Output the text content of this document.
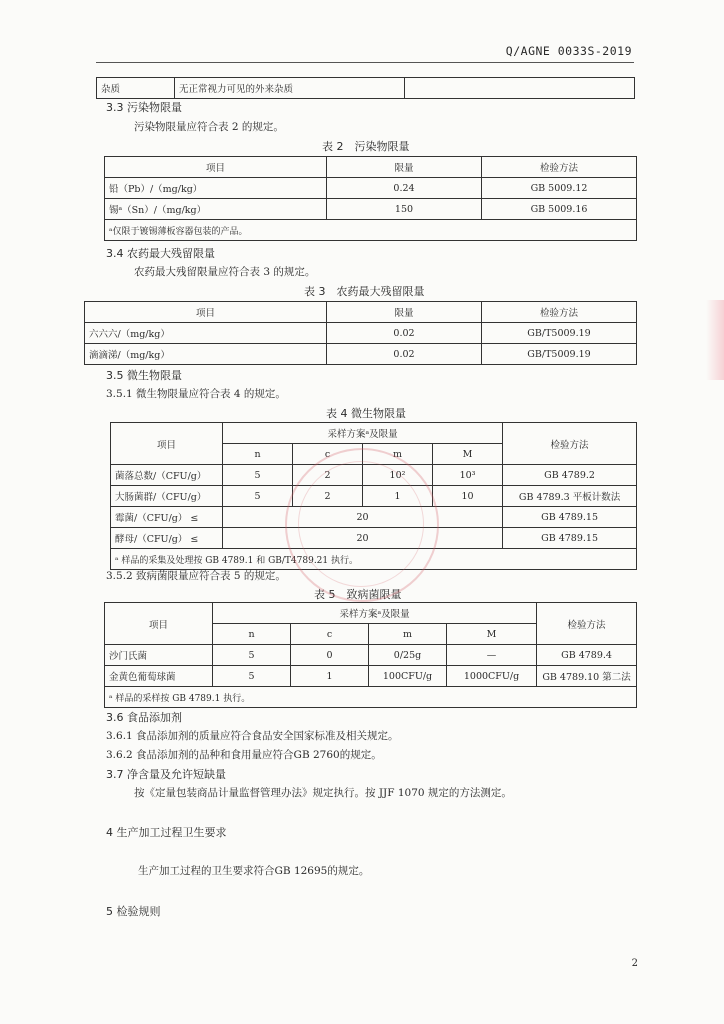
Q/AGNE 0033S-2019
杂质	无正常视力可见的外来杂质	
3.3 污染物限量
污染物限量应符合表 2 的规定。
表 2　污染物限量
项目	限量	检验方法
铅（Pb）/（mg/kg）	0.24	GB 5009.12
锡ᵃ（Sn）/（mg/kg）	150	GB 5009.16
ᵃ仅限于镀锡薄板容器包装的产品。		
3.4 农药最大残留限量
农药最大残留限量应符合表 3 的规定。
表 3　农药最大残留限量
项目	限量	检验方法
六六六/（mg/kg）	0.02	GB/T5009.19
滴滴涕/（mg/kg）	0.02	GB/T5009.19
3.5 微生物限量
3.5.1 微生物限量应符合表 4 的规定。
表 4 微生物限量
项目	采样方案ᵃ及限量				检验方法
	n	c	m	M	
菌落总数/（CFU/g）	5	2	10²	10³	GB 4789.2
大肠菌群/（CFU/g）	5	2	1	10	GB 4789.3 平板计数法
霉菌/（CFU/g） ≤	20				GB 4789.15
酵母/（CFU/g） ≤	20				GB 4789.15
ᵃ 样品的采集及处理按 GB 4789.1 和 GB/T4789.21 执行。					
3.5.2 致病菌限量应符合表 5 的规定。
表 5　致病菌限量
项目	采样方案ᵃ及限量				检验方法
	n	c	m	M	
沙门氏菌	5	0	0/25g	—	GB 4789.4
金黄色葡萄球菌	5	1	100CFU/g	1000CFU/g	GB 4789.10 第二法
ᵃ 样品的采样按 GB 4789.1 执行。					
3.6 食品添加剂
3.6.1 食品添加剂的质量应符合食品安全国家标准及相关规定。
3.6.2 食品添加剂的品种和食用量应符合GB 2760的规定。
3.7 净含量及允许短缺量
按《定量包装商品计量监督管理办法》规定执行。按 JJF 1070 规定的方法测定。
4 生产加工过程卫生要求
生产加工过程的卫生要求符合GB 12695的规定。
5 检验规则
2
